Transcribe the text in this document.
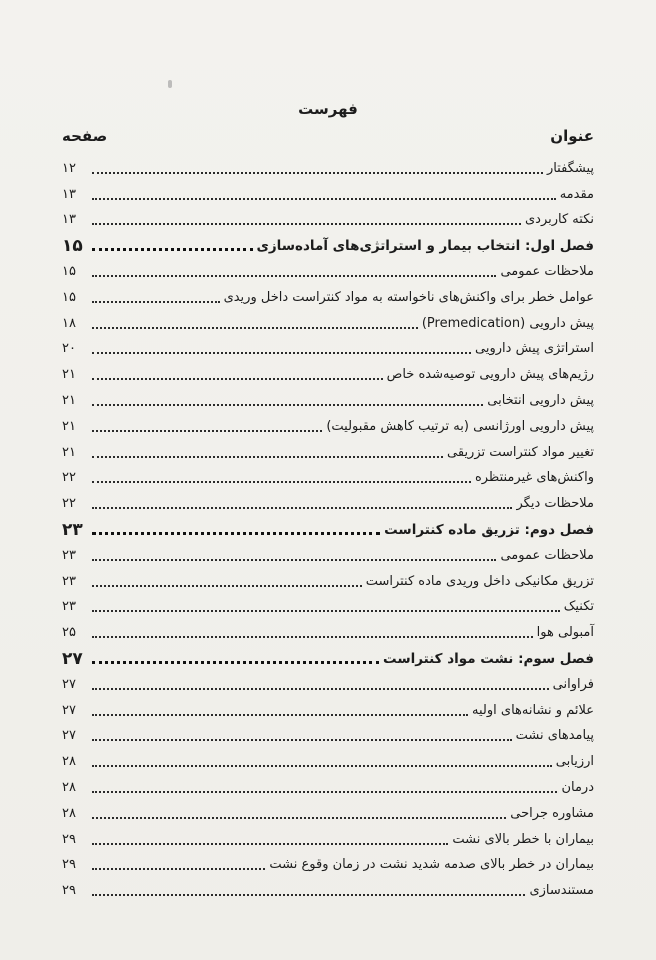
فهرست
عنوان
صفحه
پیشگفتار
۱۲
مقدمه
۱۳
نکته کاربردی
۱۳
فصل اول: انتخاب بیمار و استراتژی‌های آماده‌سازی
۱۵
ملاحظات عمومی
۱۵
عوامل خطر برای واکنش‌های ناخواسته به مواد کنتراست داخل وریدی
۱۵
پیش دارویی (Premedication)
۱۸
استراتژی پیش دارویی
۲۰
رژیم‌های پیش دارویی توصیه‌شده خاص
۲۱
پیش دارویی انتخابی
۲۱
پیش دارویی اورژانسی (به ترتیب کاهش مقبولیت)
۲۱
تغییر مواد کنتراست تزریقی
۲۱
واکنش‌های غیرمنتظره
۲۲
ملاحظات دیگر
۲۲
فصل دوم: تزریق ماده کنتراست
۲۳
ملاحظات عمومی
۲۳
تزریق مکانیکی داخل وریدی ماده کنتراست
۲۳
تکنیک
۲۳
آمبولی هوا
۲۵
فصل سوم: نشت مواد کنتراست
۲۷
فراوانی
۲۷
علائم و نشانه‌های اولیه
۲۷
پیامدهای نشت
۲۷
ارزیابی
۲۸
درمان
۲۸
مشاوره جراحی
۲۸
بیماران با خطر بالای نشت
۲۹
بیماران در خطر بالای صدمه شدید نشت در زمان وقوع نشت
۲۹
مستندسازی
۲۹
